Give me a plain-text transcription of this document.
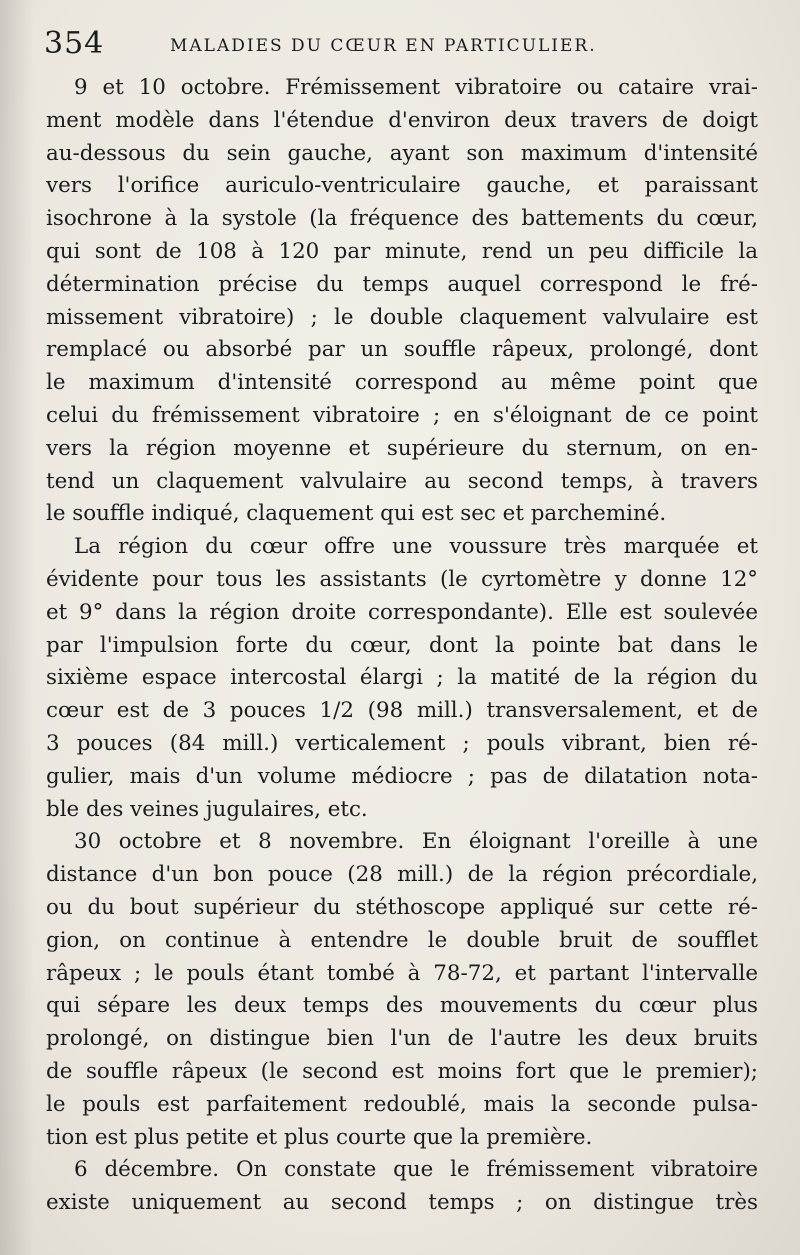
354	MALADIES DU CŒUR EN PARTICULIER.

9 et 10 octobre. Frémissement vibratoire ou cataire vrai-
ment modèle dans l'étendue d'environ deux travers de doigt
au-dessous du sein gauche, ayant son maximum d'intensité
vers l'orifice auriculo-ventriculaire gauche, et paraissant
isochrone à la systole (la fréquence des battements du cœur,
qui sont de 108 à 120 par minute, rend un peu difficile la
détermination précise du temps auquel correspond le fré-
missement vibratoire) ; le double claquement valvulaire est
remplacé ou absorbé par un souffle râpeux, prolongé, dont
le maximum d'intensité correspond au même point que
celui du frémissement vibratoire ; en s'éloignant de ce point
vers la région moyenne et supérieure du sternum, on en-
tend un claquement valvulaire au second temps, à travers
le souffle indiqué, claquement qui est sec et parcheminé.

La région du cœur offre une voussure très marquée et
évidente pour tous les assistants (le cyrtomètre y donne 12°
et 9° dans la région droite correspondante). Elle est soulevée
par l'impulsion forte du cœur, dont la pointe bat dans le
sixième espace intercostal élargi ; la matité de la région du
cœur est de 3 pouces 1/2 (98 mill.) transversalement, et de
3 pouces (84 mill.) verticalement ; pouls vibrant, bien ré-
gulier, mais d'un volume médiocre ; pas de dilatation nota-
ble des veines jugulaires, etc.

30 octobre et 8 novembre. En éloignant l'oreille à une
distance d'un bon pouce (28 mill.) de la région précordiale,
ou du bout supérieur du stéthoscope appliqué sur cette ré-
gion, on continue à entendre le double bruit de soufflet
râpeux ; le pouls étant tombé à 78-72, et partant l'intervalle
qui sépare les deux temps des mouvements du cœur plus
prolongé, on distingue bien l'un de l'autre les deux bruits
de souffle râpeux (le second est moins fort que le premier);
le pouls est parfaitement redoublé, mais la seconde pulsa-
tion est plus petite et plus courte que la première.

6 décembre. On constate que le frémissement vibratoire
existe uniquement au second temps ; on distingue très
